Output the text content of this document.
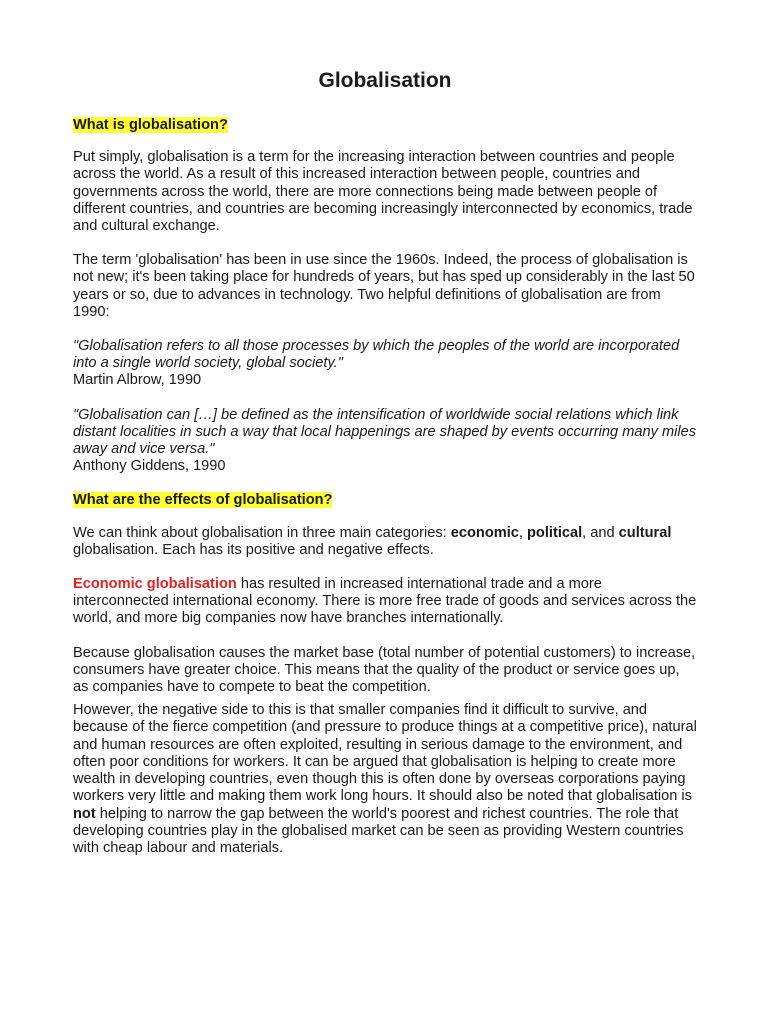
Globalisation
What is globalisation?

Put simply, globalisation is a term for the increasing interaction between countries and people across the world. As a result of this increased interaction between people, countries and governments across the world, there are more connections being made between people of different countries, and countries are becoming increasingly interconnected by economics, trade and cultural exchange.

The term 'globalisation' has been in use since the 1960s. Indeed, the process of globalisation is not new; it's been taking place for hundreds of years, but has sped up considerably in the last 50 years or so, due to advances in technology. Two helpful definitions of globalisation are from 1990:

"Globalisation refers to all those processes by which the peoples of the world are incorporated into a single world society, global society."
Martin Albrow, 1990

"Globalisation can […] be defined as the intensification of worldwide social relations which link distant localities in such a way that local happenings are shaped by events occurring many miles away and vice versa."
Anthony Giddens, 1990

What are the effects of globalisation?

We can think about globalisation in three main categories: economic, political, and cultural globalisation. Each has its positive and negative effects.

Economic globalisation has resulted in increased international trade and a more interconnected international economy. There is more free trade of goods and services across the world, and more big companies now have branches internationally.

Because globalisation causes the market base (total number of potential customers) to increase, consumers have greater choice. This means that the quality of the product or service goes up, as companies have to compete to beat the competition.

However, the negative side to this is that smaller companies find it difficult to survive, and because of the fierce competition (and pressure to produce things at a competitive price), natural and human resources are often exploited, resulting in serious damage to the environment, and often poor conditions for workers. It can be argued that globalisation is helping to create more wealth in developing countries, even though this is often done by overseas corporations paying workers very little and making them work long hours. It should also be noted that globalisation is not helping to narrow the gap between the world's poorest and richest countries. The role that developing countries play in the globalised market can be seen as providing Western countries with cheap labour and materials.
